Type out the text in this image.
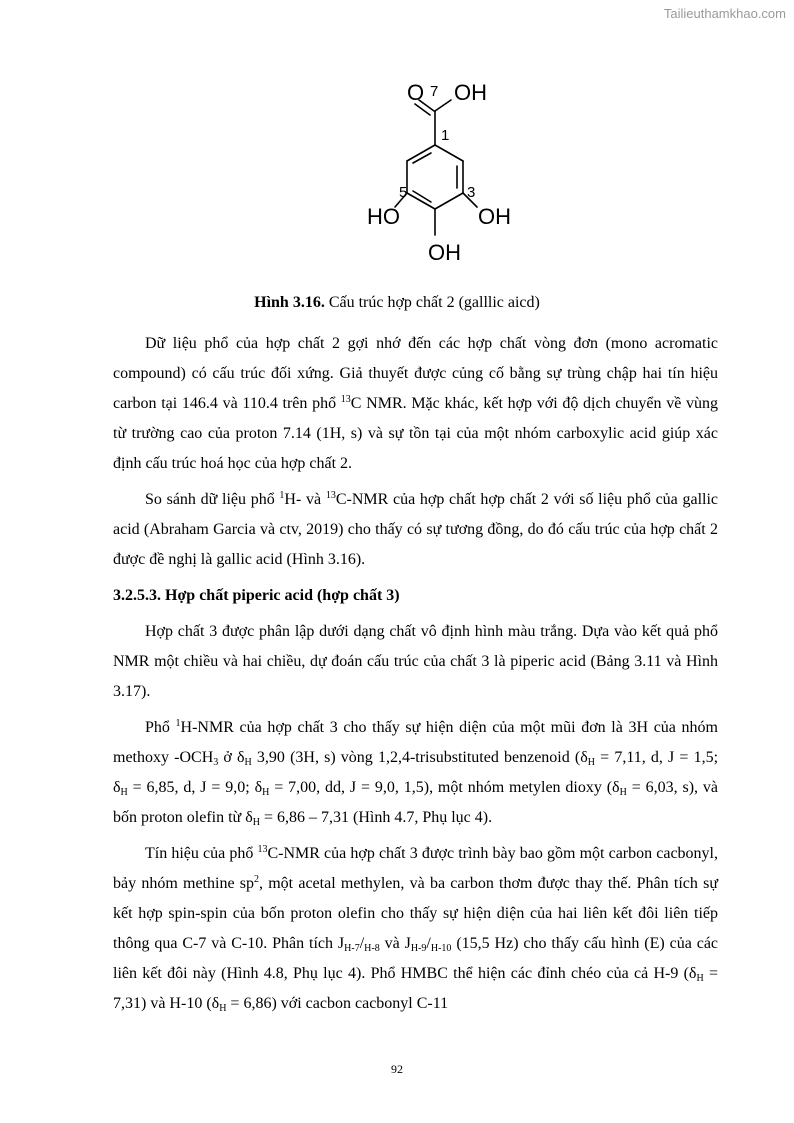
Tailieuthamkhao.com
O OH
7
1
5	3
HO	OH
OH
Hình 3.16. Cấu trúc hợp chất 2 (galllic aicd)

Dữ liệu phổ của hợp chất 2 gợi nhớ đến các hợp chất vòng đơn (mono acromatic compound) có cấu trúc đối xứng. Giả thuyết được củng cố bằng sự trùng chập hai tín hiệu carbon tại 146.4 và 110.4 trên phổ $^{13}$C NMR. Mặc khác, kết hợp với độ dịch chuyển về vùng từ trường cao của proton 7.14 (1H, s) và sự tồn tại của một nhóm carboxylic acid giúp xác định cấu trúc hoá học của hợp chất 2.

So sánh dữ liệu phổ $^1$H- và $^{13}$C-NMR của hợp chất hợp chất 2 với số liệu phổ của gallic acid (Abraham Garcia và ctv, 2019) cho thấy có sự tương đồng, do đó cấu trúc của hợp chất 2 được đề nghị là gallic acid (Hình 3.16).

3.2.5.3. Hợp chất piperic acid (hợp chất 3)

Hợp chất 3 được phân lập dưới dạng chất vô định hình màu trắng. Dựa vào kết quả phổ NMR một chiều và hai chiều, dự đoán cấu trúc của chất 3 là piperic acid (Bảng 3.11 và Hình 3.17).

Phổ $^1$H-NMR của hợp chất 3 cho thấy sự hiện diện của một mũi đơn là 3H của nhóm methoxy $-OCH_3$ ở $\delta_H$ 3,90 (3H, s) vòng 1,2,4-trisubstituted benzenoid ($\delta_H = 7,11$, d, J = 1,5; $\delta_H = 6,85$, d, J = 9,0; $\delta_H = 7,00$, dd, J = 9,0, 1,5), một nhóm metylen dioxy ($\delta_H = 6,03$, s), và bốn proton olefin từ $\delta_H = 6,86 - 7,31$ (Hình 4.7, Phụ lục 4).

Tín hiệu của phổ $^{13}$C-NMR của hợp chất 3 được trình bày bao gồm một carbon cacbonyl, bảy nhóm methine $sp^2$, một acetal methylen, và ba carbon thơm được thay thế. Phân tích sự kết hợp spin-spin của bốn proton olefin cho thấy sự hiện diện của hai liên kết đôi liên tiếp thông qua C-7 và C-10. Phân tích $J_{H-7}/_{H-8}$ và $J_{H-9}/_{H-10}$ (15,5 Hz) cho thấy cấu hình (E) của các liên kết đôi này (Hình 4.8, Phụ lục 4). Phổ HMBC thể hiện các đỉnh chéo của cả H-9 $(\delta_H = 7,31)$ và H-10 $(\delta_H = 6,86)$ với cacbon cacbonyl C-11

92
